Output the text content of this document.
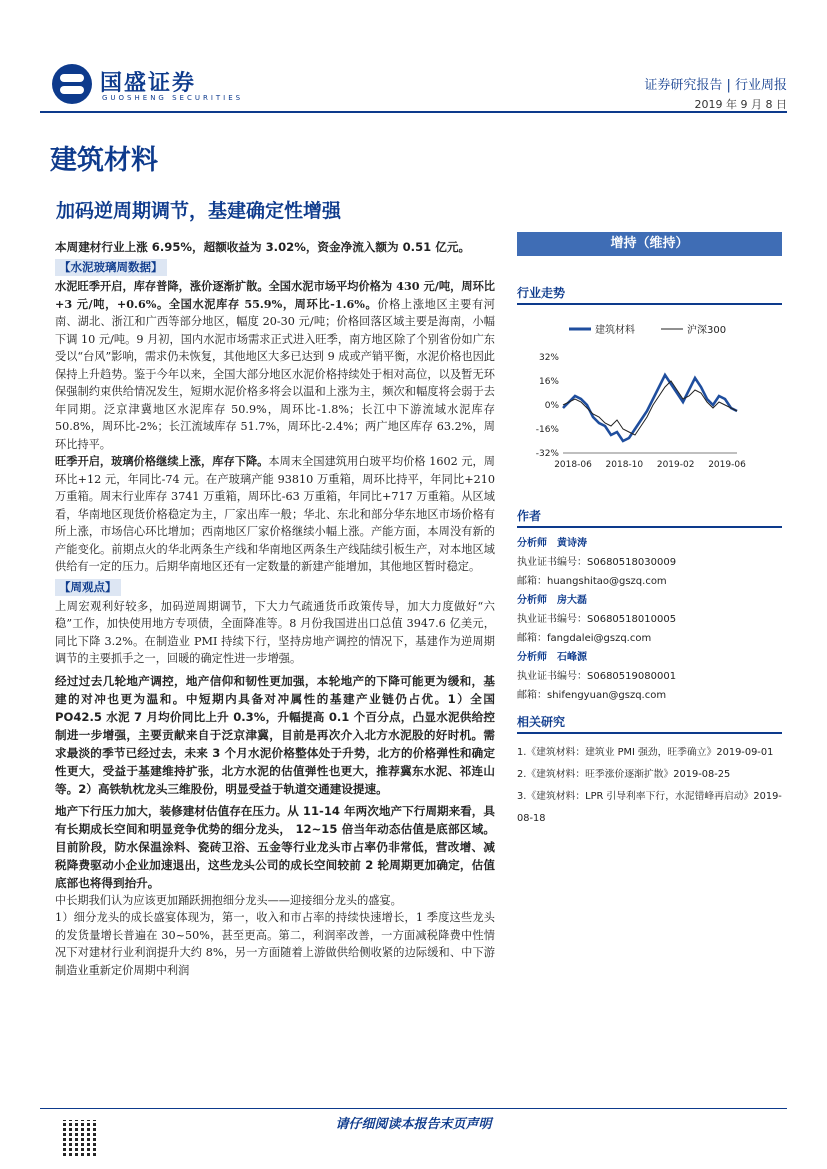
国盛证券
GUOSHENG SECURITIES
证券研究报告 | 行业周报
2019 年 9 月 8 日
建筑材料
加码逆周期调节，基建确定性增强
本周建材行业上涨 6.95%，超额收益为 3.02%，资金净流入额为 0.51 亿元。
【水泥玻璃周数据】
水泥旺季开启，库存普降，涨价逐渐扩散。全国水泥市场平均价格为 430 元/吨，周环比+3 元/吨，+0.6%。全国水泥库存 55.9%，周环比-1.6%。价格上涨地区主要有河南、湖北、浙江和广西等部分地区，幅度 20-30 元/吨；价格回落区域主要是海南，小幅下调 10 元/吨。9 月初，国内水泥市场需求正式进入旺季，南方地区除了个别省份如广东受以“台风”影响，需求仍未恢复，其他地区大多已达到 9 成或产销平衡，水泥价格也因此保持上升趋势。鉴于今年以来，全国大部分地区水泥价格持续处于相对高位，以及暂无环保强制约束供给情况发生，短期水泥价格多将会以温和上涨为主，频次和幅度将会弱于去年同期。泛京津冀地区水泥库存 50.9%，周环比-1.8%；长江中下游流域水泥库存 50.8%，周环比-2%；长江流域库存 51.7%，周环比-2.4%；两广地区库存 63.2%，周环比持平。
旺季开启，玻璃价格继续上涨，库存下降。本周末全国建筑用白玻平均价格 1602 元，周环比+12 元，年同比-74 元。在产玻璃产能 93810 万重箱，周环比持平，年同比+210 万重箱。周末行业库存 3741 万重箱，周环比-63 万重箱，年同比+717 万重箱。从区域看，华南地区现货价格稳定为主，厂家出库一般；华北、东北和部分华东地区市场价格有所上涨，市场信心环比增加；西南地区厂家价格继续小幅上涨。产能方面，本周没有新的产能变化。前期点火的华北两条生产线和华南地区两条生产线陆续引板生产，对本地区域供给有一定的压力。后期华南地区还有一定数量的新建产能增加，其他地区暂时稳定。
【周观点】
上周宏观利好较多，加码逆周期调节，下大力气疏通货币政策传导，加大力度做好“六稳”工作，加快使用地方专项债，全面降准等。8 月份我国进出口总值 3947.6 亿美元，同比下降 3.2%。在制造业 PMI 持续下行，坚持房地产调控的情况下，基建作为逆周期调节的主要抓手之一，回暖的确定性进一步增强。
经过过去几轮地产调控，地产信仰和韧性更加强，本轮地产的下降可能更为缓和，基建的对冲也更为温和。中短期内具备对冲属性的基建产业链仍占优。1）全国 PO42.5 水泥 7 月均价同比上升 0.3%，升幅提高 0.1 个百分点，凸显水泥供给控制进一步增强，主要贡献来自于泛京津冀，目前是再次介入北方水泥股的好时机。需求最淡的季节已经过去，未来 3 个月水泥价格整体处于升势，北方的价格弹性和确定性更大，受益于基建维持扩张，北方水泥的估值弹性也更大，推荐冀东水泥、祁连山等。2）高铁轨枕龙头三维股份，明显受益于轨道交通建设提速。
地产下行压力加大，装修建材估值存在压力。从 11-14 年两次地产下行周期来看，具有长期成长空间和明显竞争优势的细分龙头， 12~15 倍当年动态估值是底部区域。目前阶段，防水保温涂料、瓷砖卫浴、五金等行业龙头市占率仍非常低，营改增、减税降费驱动小企业加速退出，这些龙头公司的成长空间较前 2 轮周期更加确定，估值底部也将得到抬升。
中长期我们认为应该更加踊跃拥抱细分龙头——迎接细分龙头的盛宴。
1）细分龙头的成长盛宴体现为，第一，收入和市占率的持续快速增长，1 季度这些龙头的发货量增长普遍在 30~50%，甚至更高。第二，利润率改善，一方面减税降费中性情况下对建材行业利润提升大约 8%，另一方面随着上游做供给侧收紧的边际缓和、中下游制造业重新定价周期中利润
增持（维持）
行业走势
建筑材料	沪深300
32%
16%
0%
-16%
-32%
2018-06 2018-10 2019-02 2019-06
作者
分析师 黄诗涛
执业证书编号：S0680518030009
邮箱：huangshitao@gszq.com
分析师 房大磊
执业证书编号：S0680518010005
邮箱：fangdalei@gszq.com
分析师 石峰源
执业证书编号：S0680519080001
邮箱：shifengyuan@gszq.com
相关研究
1.《建筑材料：建筑业 PMI 强劲，旺季确立》2019-09-01
2.《建筑材料：旺季涨价逐渐扩散》2019-08-25
3.《建筑材料：LPR 引导利率下行，水泥错峰再启动》2019-08-18
请仔细阅读本报告末页声明
